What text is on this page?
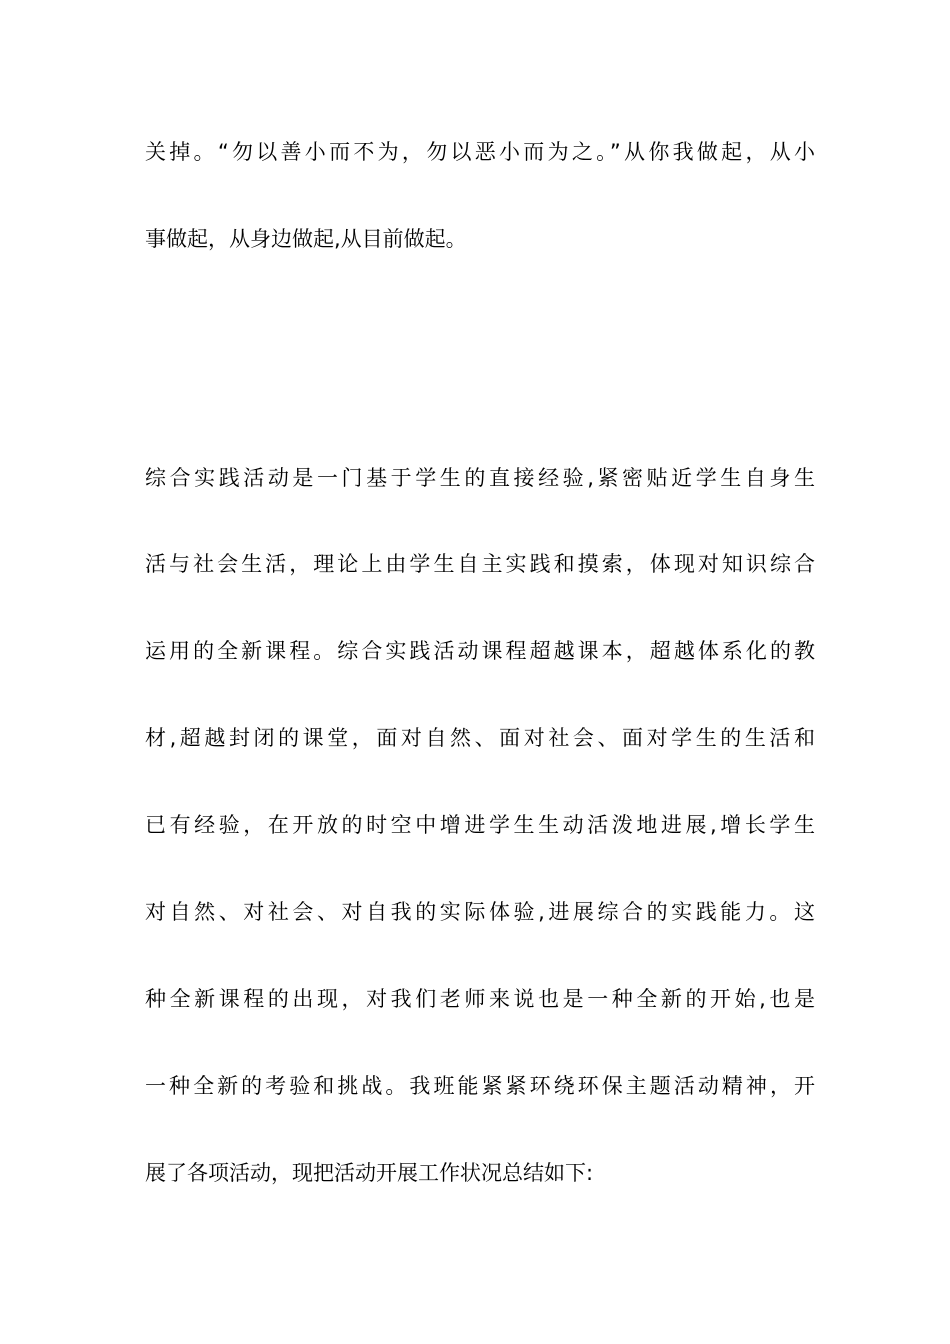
关掉。“勿以善小而不为，勿以恶小而为之。”从你我做起，从小
事做起，从身边做起,从目前做起。
综合实践活动是一门基于学生的直接经验,紧密贴近学生自身生
活与社会生活，理论上由学生自主实践和摸索，体现对知识综合
运用的全新课程。综合实践活动课程超越课本，超越体系化的教
材,超越封闭的课堂，面对自然、面对社会、面对学生的生活和
已有经验，在开放的时空中增进学生生动活泼地进展,增长学生
对自然、对社会、对自我的实际体验,进展综合的实践能力。这
种全新课程的出现，对我们老师来说也是一种全新的开始,也是
一种全新的考验和挑战。我班能紧紧环绕环保主题活动精神，开
展了各项活动，现把活动开展工作状况总结如下:
